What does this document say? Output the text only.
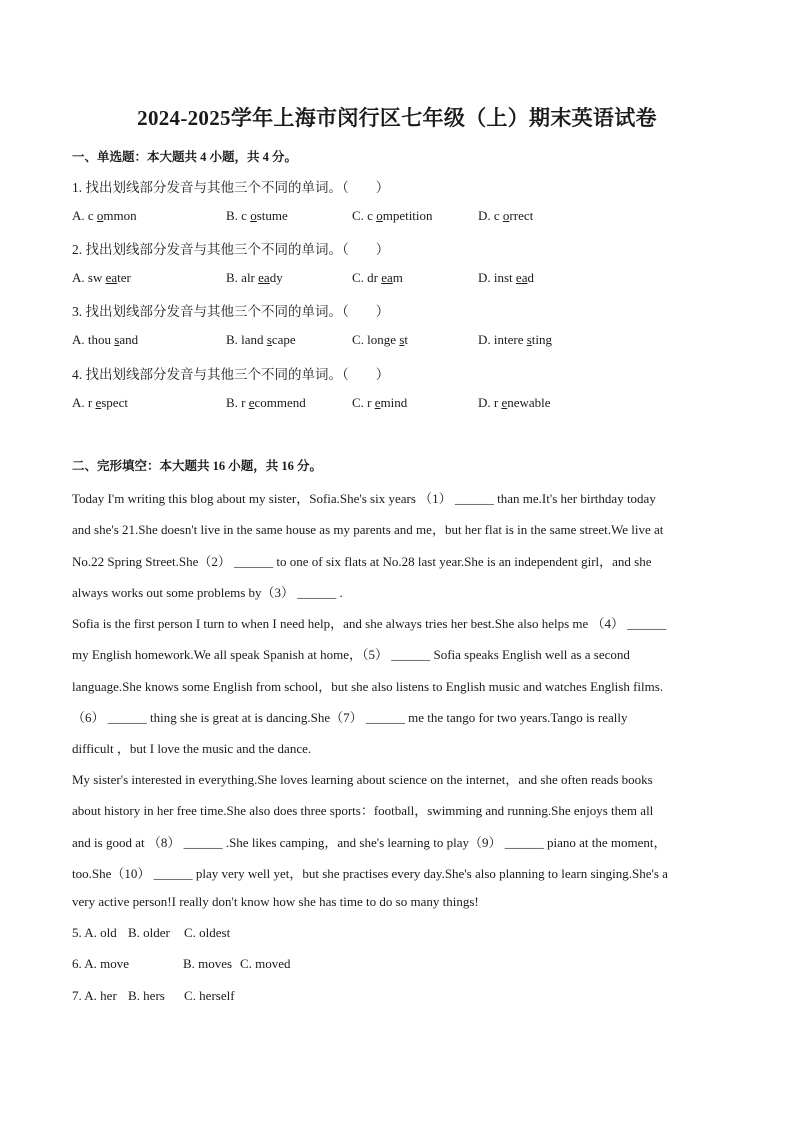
2024-2025学年上海市闵行区七年级（上）期末英语试卷
一、单选题：本大题共 4 小题，共 4 分。
1. 找出划线部分发音与其他三个不同的单词。（　　）
A. c ommon	B. c ostume	C. c ompetition	D. c orrect
2. 找出划线部分发音与其他三个不同的单词。（　　）
A. sw eater	B. alr eady	C. dr eam	D. inst ead
3. 找出划线部分发音与其他三个不同的单词。（　　）
A. thou sand	B. land scape	C. longe st	D. intere sting
4. 找出划线部分发音与其他三个不同的单词。（　　）
A. r espect	B. r ecommend	C. r emind	D. r enewable
二、完形填空：本大题共 16 小题，共 16 分。
Today I'm writing this blog about my sister，Sofia.She's six years （1） ______ than me.It's her birthday today
and she's 21.She doesn't live in the same house as my parents and me，but her flat is in the same street.We live at
No.22 Spring Street.She（2） ______ to one of six flats at No.28 last year.She is an independent girl，and she
always works out some problems by（3） ______ .
Sofia is the first person I turn to when I need help，and she always tries her best.She also helps me （4） ______
my English homework.We all speak Spanish at home，（5） ______ Sofia speaks English well as a second
language.She knows some English from school，but she also listens to English music and watches English films.
（6） ______ thing she is great at is dancing.She（7） ______ me the tango for two years.Tango is really
difficult ，but I love the music and the dance.
My sister's interested in everything.She loves learning about science on the internet，and she often reads books
about history in her free time.She also does three sports：football，swimming and running.She enjoys them all
and is good at （8） ______ .She likes camping，and she's learning to play（9） ______ piano at the moment，
too.She（10） ______ play very well yet，but she practises every day.She's also planning to learn singing.She's a
very active person!I really don't know how she has time to do so many things!
5. A. old B. older C. oldest
6. A. move	B. moves C. moved
7. A. her B. hers C. herself
